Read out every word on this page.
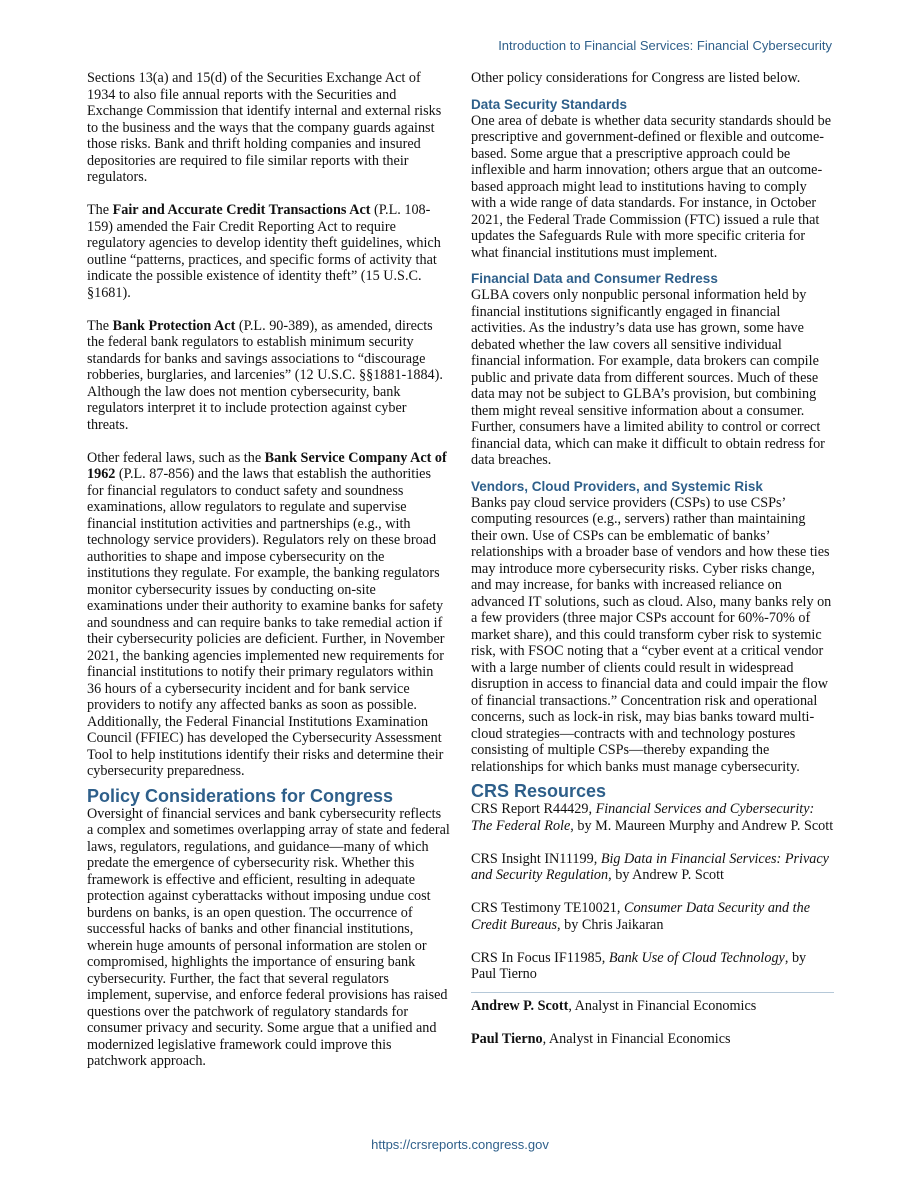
Introduction to Financial Services: Financial Cybersecurity

Sections 13(a) and 15(d) of the Securities Exchange Act of 1934 to also file annual reports with the Securities and Exchange Commission that identify internal and external risks to the business and the ways that the company guards against those risks. Bank and thrift holding companies and insured depositories are required to file similar reports with their regulators.

The Fair and Accurate Credit Transactions Act (P.L. 108-159) amended the Fair Credit Reporting Act to require regulatory agencies to develop identity theft guidelines, which outline “patterns, practices, and specific forms of activity that indicate the possible existence of identity theft” (15 U.S.C. §1681).

The Bank Protection Act (P.L. 90-389), as amended, directs the federal bank regulators to establish minimum security standards for banks and savings associations to “discourage robberies, burglaries, and larcenies” (12 U.S.C. §§1881-1884). Although the law does not mention cybersecurity, bank regulators interpret it to include protection against cyber threats.

Other federal laws, such as the Bank Service Company Act of 1962 (P.L. 87-856) and the laws that establish the authorities for financial regulators to conduct safety and soundness examinations, allow regulators to regulate and supervise financial institution activities and partnerships (e.g., with technology service providers). Regulators rely on these broad authorities to shape and impose cybersecurity on the institutions they regulate. For example, the banking regulators monitor cybersecurity issues by conducting on-site examinations under their authority to examine banks for safety and soundness and can require banks to take remedial action if their cybersecurity policies are deficient. Further, in November 2021, the banking agencies implemented new requirements for financial institutions to notify their primary regulators within 36 hours of a cybersecurity incident and for bank service providers to notify any affected banks as soon as possible. Additionally, the Federal Financial Institutions Examination Council (FFIEC) has developed the Cybersecurity Assessment Tool to help institutions identify their risks and determine their cybersecurity preparedness.

Policy Considerations for Congress

Oversight of financial services and bank cybersecurity reflects a complex and sometimes overlapping array of state and federal laws, regulators, regulations, and guidance—many of which predate the emergence of cybersecurity risk. Whether this framework is effective and efficient, resulting in adequate protection against cyberattacks without imposing undue cost burdens on banks, is an open question. The occurrence of successful hacks of banks and other financial institutions, wherein huge amounts of personal information are stolen or compromised, highlights the importance of ensuring bank cybersecurity. Further, the fact that several regulators implement, supervise, and enforce federal provisions has raised questions over the patchwork of regulatory standards for consumer privacy and security. Some argue that a unified and modernized legislative framework could improve this patchwork approach.

Other policy considerations for Congress are listed below.

Data Security Standards

One area of debate is whether data security standards should be prescriptive and government-defined or flexible and outcome-based. Some argue that a prescriptive approach could be inflexible and harm innovation; others argue that an outcome-based approach might lead to institutions having to comply with a wide range of data standards. For instance, in October 2021, the Federal Trade Commission (FTC) issued a rule that updates the Safeguards Rule with more specific criteria for what financial institutions must implement.

Financial Data and Consumer Redress

GLBA covers only nonpublic personal information held by financial institutions significantly engaged in financial activities. As the industry’s data use has grown, some have debated whether the law covers all sensitive individual financial information. For example, data brokers can compile public and private data from different sources. Much of these data may not be subject to GLBA’s provision, but combining them might reveal sensitive information about a consumer. Further, consumers have a limited ability to control or correct financial data, which can make it difficult to obtain redress for data breaches.

Vendors, Cloud Providers, and Systemic Risk

Banks pay cloud service providers (CSPs) to use CSPs’ computing resources (e.g., servers) rather than maintaining their own. Use of CSPs can be emblematic of banks’ relationships with a broader base of vendors and how these ties may introduce more cybersecurity risks. Cyber risks change, and may increase, for banks with increased reliance on advanced IT solutions, such as cloud. Also, many banks rely on a few providers (three major CSPs account for 60%-70% of market share), and this could transform cyber risk to systemic risk, with FSOC noting that a “cyber event at a critical vendor with a large number of clients could result in widespread disruption in access to financial data and could impair the flow of financial transactions.” Concentration risk and operational concerns, such as lock-in risk, may bias banks toward multi-cloud strategies—contracts with and technology postures consisting of multiple CSPs—thereby expanding the relationships for which banks must manage cybersecurity.

CRS Resources

CRS Report R44429, Financial Services and Cybersecurity: The Federal Role, by M. Maureen Murphy and Andrew P. Scott

CRS Insight IN11199, Big Data in Financial Services: Privacy and Security Regulation, by Andrew P. Scott

CRS Testimony TE10021, Consumer Data Security and the Credit Bureaus, by Chris Jaikaran

CRS In Focus IF11985, Bank Use of Cloud Technology, by Paul Tierno

Andrew P. Scott, Analyst in Financial Economics

Paul Tierno, Analyst in Financial Economics

https://crsreports.congress.gov
